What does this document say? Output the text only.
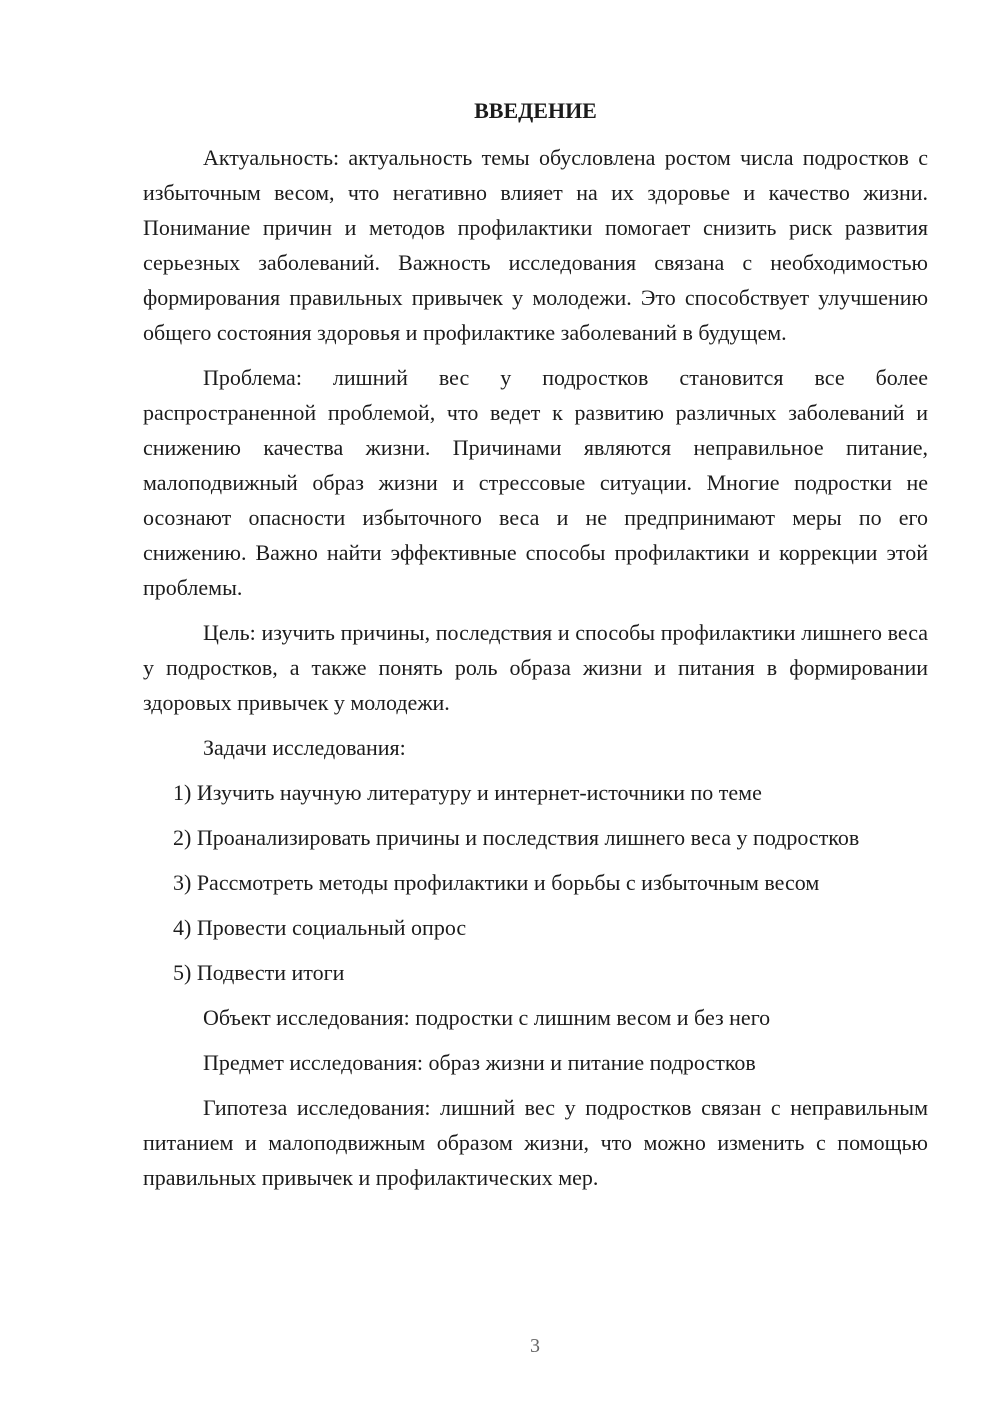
ВВЕДЕНИЕ

Актуальность: актуальность темы обусловлена ростом числа подростков с избыточным весом, что негативно влияет на их здоровье и качество жизни. Понимание причин и методов профилактики помогает снизить риск развития серьезных заболеваний. Важность исследования связана с необходимостью формирования правильных привычек у молодежи. Это способствует улучшению общего состояния здоровья и профилактике заболеваний в будущем.

Проблема: лишний вес у подростков становится все более распространенной проблемой, что ведет к развитию различных заболеваний и снижению качества жизни. Причинами являются неправильное питание, малоподвижный образ жизни и стрессовые ситуации. Многие подростки не осознают опасности избыточного веса и не предпринимают меры по его снижению. Важно найти эффективные способы профилактики и коррекции этой проблемы.

Цель: изучить причины, последствия и способы профилактики лишнего веса у подростков, а также понять роль образа жизни и питания в формировании здоровых привычек у молодежи.

Задачи исследования:

1) Изучить научную литературу и интернет-источники по теме

2) Проанализировать причины и последствия лишнего веса у подростков

3) Рассмотреть методы профилактики и борьбы с избыточным весом

4) Провести социальный опрос

5) Подвести итоги

Объект исследования: подростки с лишним весом и без него

Предмет исследования: образ жизни и питание подростков

Гипотеза исследования: лишний вес у подростков связан с неправильным питанием и малоподвижным образом жизни, что можно изменить с помощью правильных привычек и профилактических мер.

3
